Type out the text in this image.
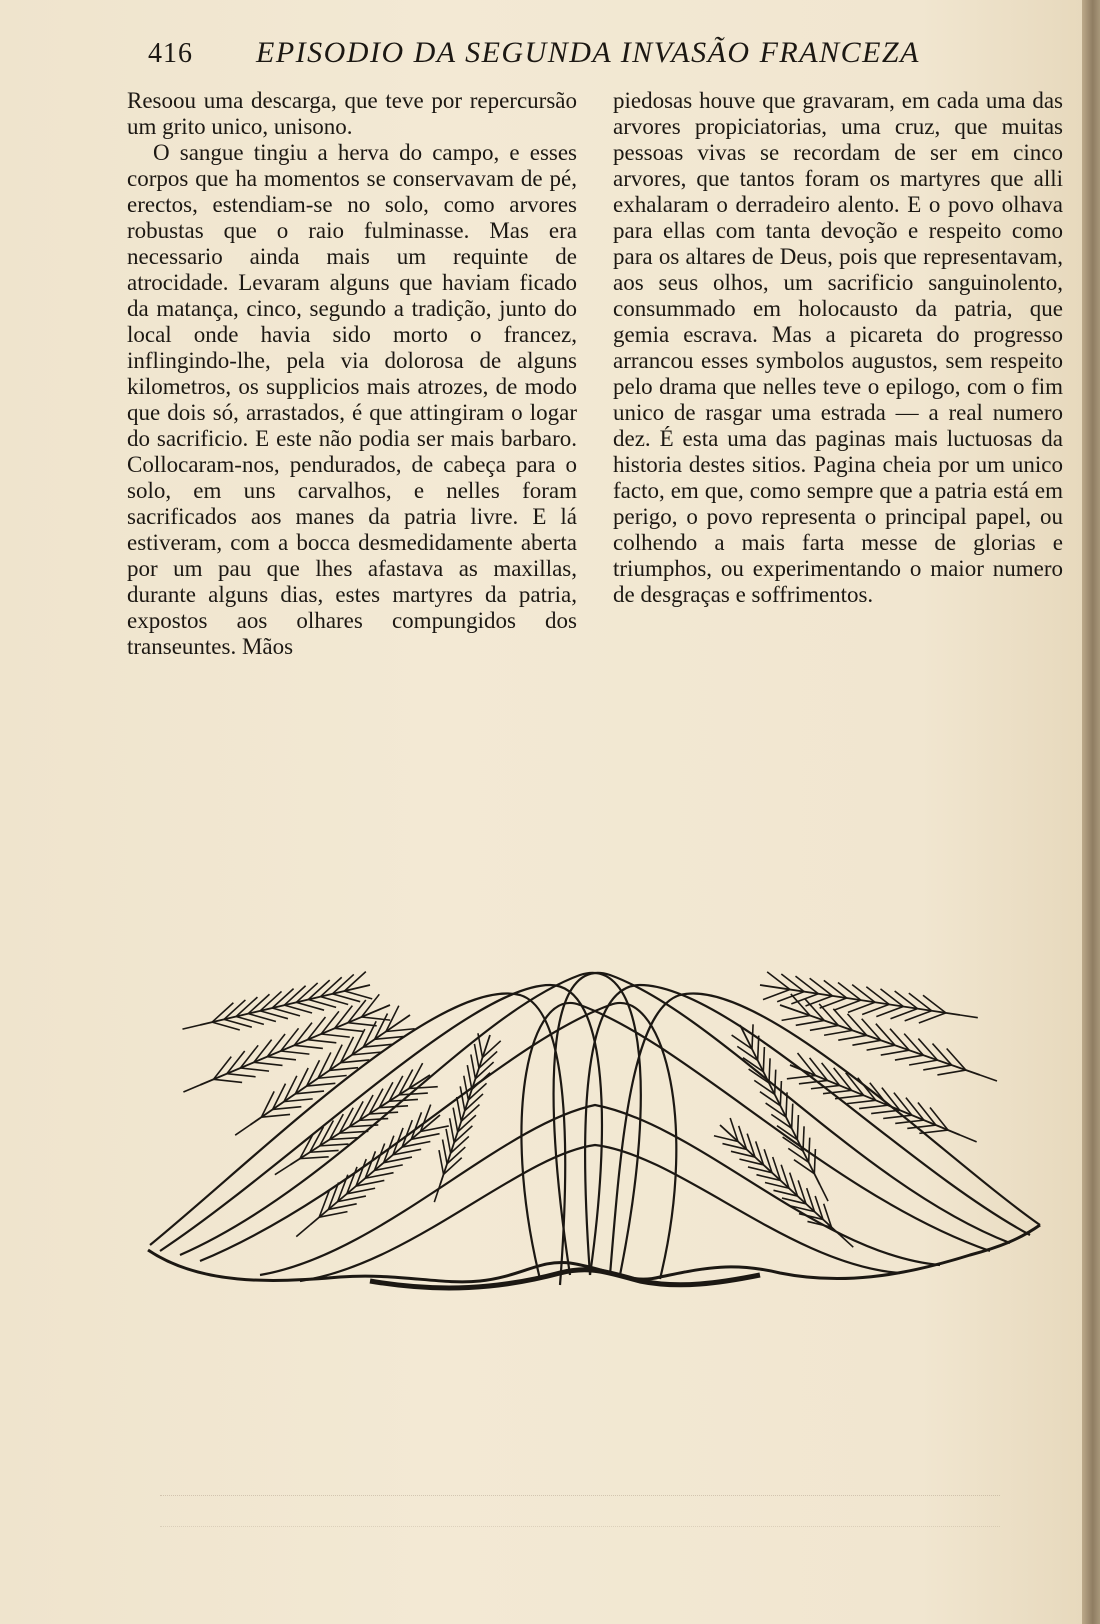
416 EPISODIO DA SEGUNDA INVASÃO FRANCEZA

Resoou uma descarga, que teve por repercursão um grito unico, unisono.

O sangue tingiu a herva do campo, e esses corpos que ha momentos se conservavam de pé, erectos, estendiam-se no solo, como arvores robustas que o raio fulminasse. Mas era necessario ainda mais um requinte de atrocidade. Levaram alguns que haviam ficado da matança, cinco, segundo a tradição, junto do local onde havia sido morto o francez, inflingindo-lhe, pela via dolorosa de alguns kilometros, os supplicios mais atrozes, de modo que dois só, arrastados, é que attingiram o logar do sacrificio. E este não podia ser mais barbaro. Collocaram-nos, pendurados, de cabeça para o solo, em uns carvalhos, e nelles foram sacrificados aos manes da patria livre. E lá estiveram, com a bocca desmedidamente aberta por um pau que lhes afastava as maxillas, durante alguns dias, estes martyres da patria, expostos aos olhares compungidos dos transeuntes. Mãos

piedosas houve que gravaram, em cada uma das arvores propiciatorias, uma cruz, que muitas pessoas vivas se recordam de ser em cinco arvores, que tantos foram os martyres que alli exhalaram o derradeiro alento. E o povo olhava para ellas com tanta devoção e respeito como para os altares de Deus, pois que representavam, aos seus olhos, um sacrificio sanguinolento, consummado em holocausto da patria, que gemia escrava. Mas a picareta do progresso arrancou esses symbolos augustos, sem respeito pelo drama que nelles teve o epilogo, com o fim unico de rasgar uma estrada — a real numero dez. É esta uma das paginas mais luctuosas da historia destes sitios. Pagina cheia por um unico facto, em que, como sempre que a patria está em perigo, o povo representa o principal papel, ou colhendo a mais farta messe de glorias e triumphos, ou experimentando o maior numero de desgraças e soffrimentos.
